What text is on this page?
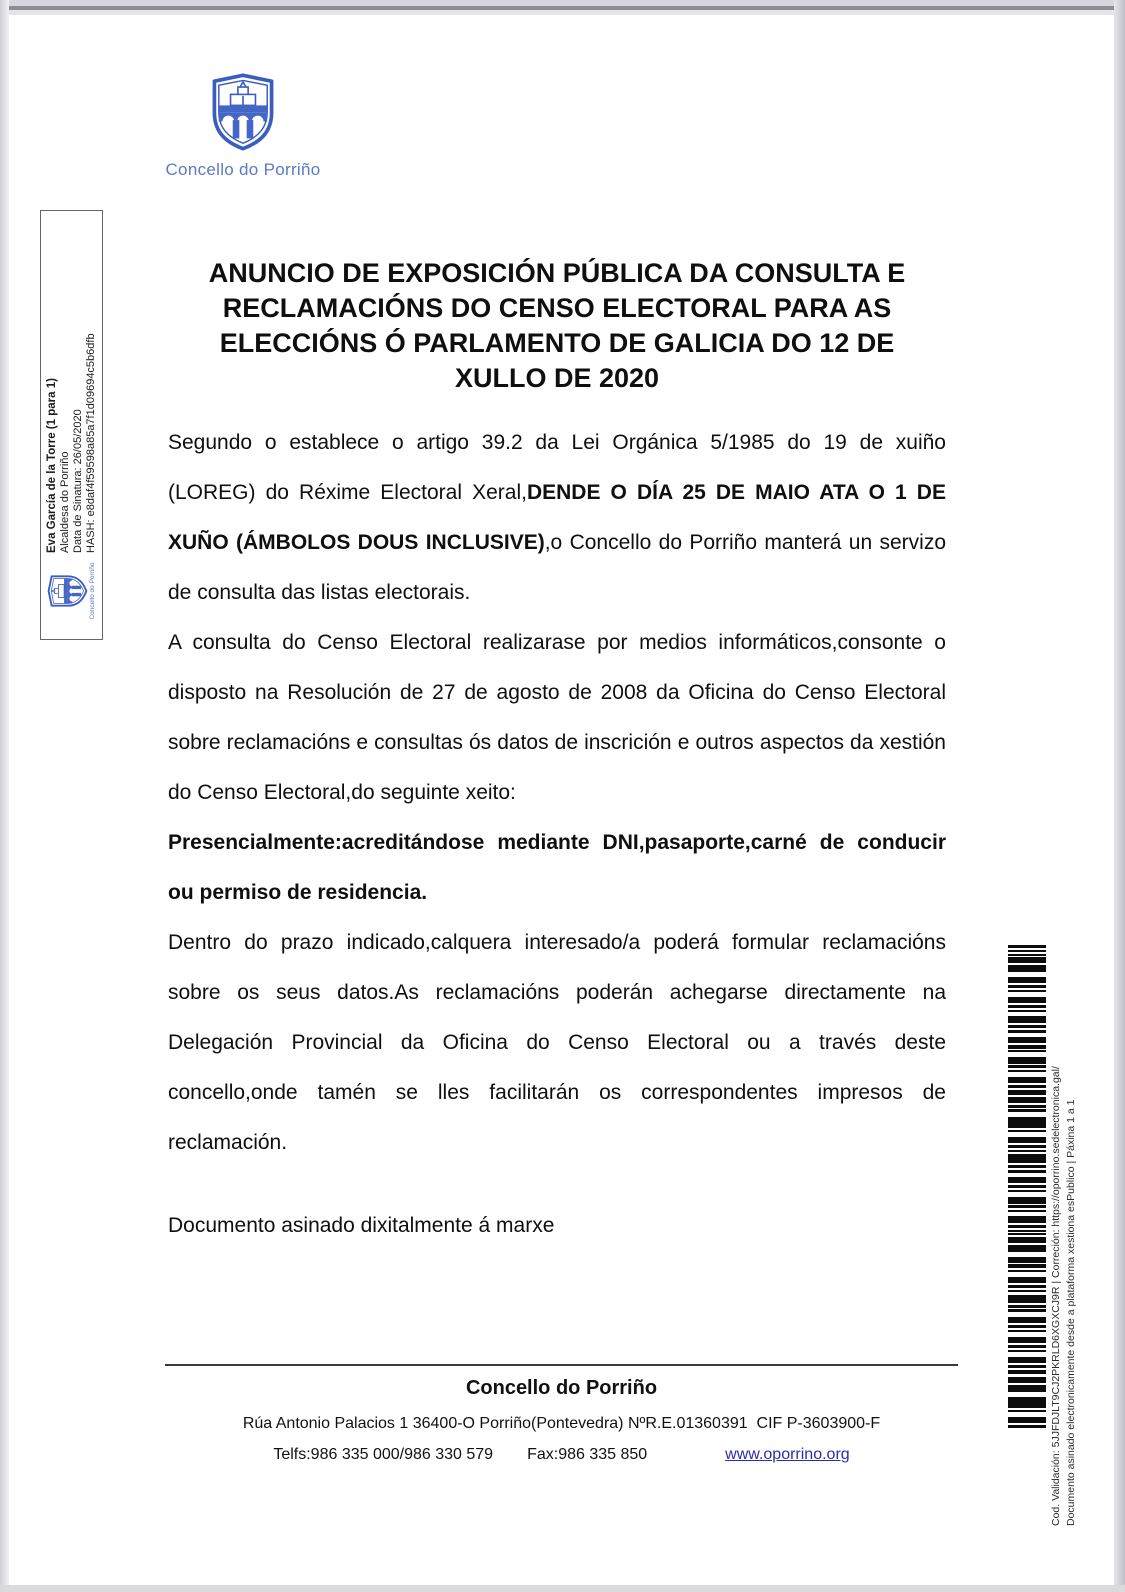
Concello do Porriño
Concello do Porriño
Eva García de la Torre (1 para 1) Alcaldesa do Porriño Data de Sinatura: 26/05/2020 HASH: e8daf4f59598a85a7f1d09694c5b6dfb
ANUNCIO DE EXPOSICIÓN PÚBLICA DA CONSULTA E RECLAMACIÓNS DO CENSO ELECTORAL PARA AS ELECCIÓNS Ó PARLAMENTO DE GALICIA DO 12 DE XULLO DE 2020

Segundo o establece o artigo 39.2 da Lei Orgánica 5/1985 do 19 de xuiño (LOREG) do Réxime Electoral Xeral,DENDE O DÍA 25 DE MAIO ATA O 1 DE XUÑO (ÁMBOLOS DOUS INCLUSIVE),o Concello do Porriño manterá un servizo de consulta das listas electorais.

A consulta do Censo Electoral realizarase por medios informáticos,consonte o disposto na Resolución de 27 de agosto de 2008 da Oficina do Censo Electoral sobre reclamacións e consultas ós datos de inscrición e outros aspectos da xestión do Censo Electoral,do seguinte xeito:

Presencialmente:acreditándose mediante DNI,pasaporte,carné de conducir ou permiso de residencia.

Dentro do prazo indicado,calquera interesado/a poderá formular reclamacións sobre os seus datos.As reclamacións poderán achegarse directamente na Delegación Provincial da Oficina do Censo Electoral ou a través deste concello,onde tamén se lles facilitarán os correspondentes impresos de reclamación.

Documento asinado dixitalmente á marxe
Concello do Porriño
Rúa Antonio Palacios 1 36400-O Porriño(Pontevedra) NºR.E.01360391  CIF P-3603900-F
Telfs:986 335 000/986 330 579 Fax:986 335 850	www.oporrino.org	Cod. Validación: 5JJFDJLT9CJ2PKRLD6XGXCJ9R | Correción: https://oporrino.sedelectronica.gal/ Documento asinado electronicamente desde a plataforma xestiona esPublico | Páxina 1 a 1
